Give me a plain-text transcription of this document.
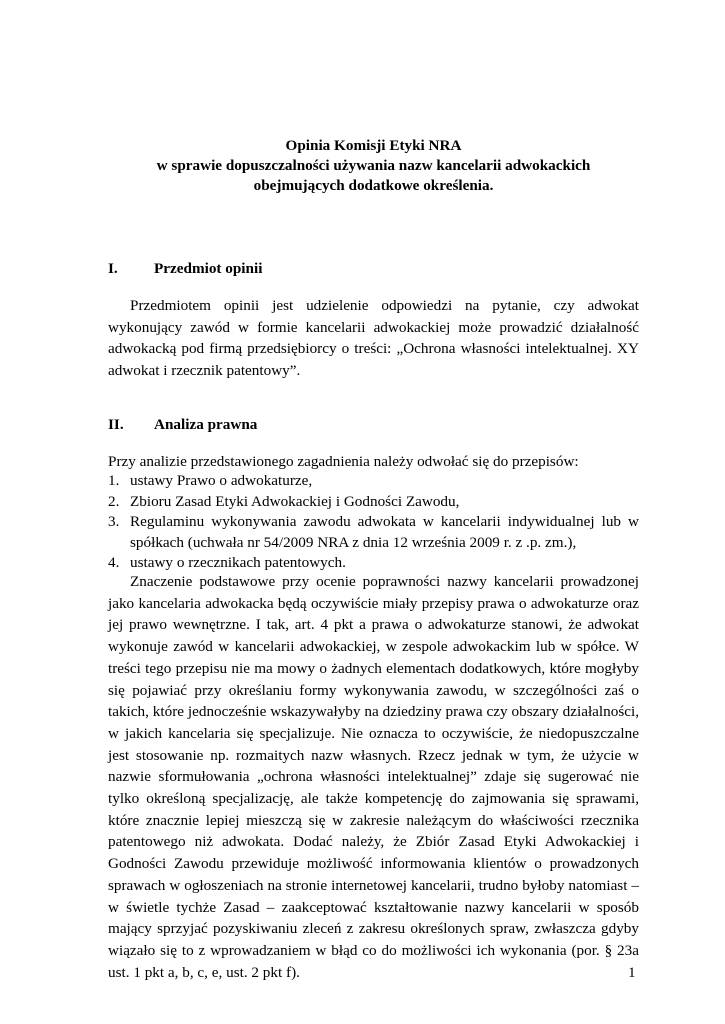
Opinia Komisji Etyki NRA
w sprawie dopuszczalności używania nazw kancelarii adwokackich
obejmujących dodatkowe określenia.
I. Przedmiot opinii

Przedmiotem opinii jest udzielenie odpowiedzi na pytanie, czy adwokat wykonujący zawód w formie kancelarii adwokackiej może prowadzić działalność adwokacką pod firmą przedsiębiorcy o treści: „Ochrona własności intelektualnej. XY adwokat i rzecznik patentowy”.

II. Analiza prawna

Przy analizie przedstawionego zagadnienia należy odwołać się do przepisów:

1. ustawy Prawo o adwokaturze,
2. Zbioru Zasad Etyki Adwokackiej i Godności Zawodu,
3. Regulaminu wykonywania zawodu adwokata w kancelarii indywidualnej lub w spółkach (uchwała nr 54/2009 NRA z dnia 12 września 2009 r. z .p. zm.),
4. ustawy o rzecznikach patentowych.

Znaczenie podstawowe przy ocenie poprawności nazwy kancelarii prowadzonej jako kancelaria adwokacka będą oczywiście miały przepisy prawa o adwokaturze oraz jej prawo wewnętrzne. I tak, art. 4 pkt a prawa o adwokaturze stanowi, że adwokat wykonuje zawód w kancelarii adwokackiej, w zespole adwokackim lub w spółce. W treści tego przepisu nie ma mowy o żadnych elementach dodatkowych, które mogłyby się pojawiać przy określaniu formy wykonywania zawodu, w szczególności zaś o takich, które jednocześnie wskazywałyby na dziedziny prawa czy obszary działalności, w jakich kancelaria się specjalizuje. Nie oznacza to oczywiście, że niedopuszczalne jest stosowanie np. rozmaitych nazw własnych. Rzecz jednak w tym, że użycie w nazwie sformułowania „ochrona własności intelektualnej” zdaje się sugerować nie tylko określoną specjalizację, ale także kompetencję do zajmowania się sprawami, które znacznie lepiej mieszczą się w zakresie należącym do właściwości rzecznika patentowego niż adwokata. Dodać należy, że Zbiór Zasad Etyki Adwokackiej i Godności Zawodu przewiduje możliwość informowania klientów o prowadzonych sprawach w ogłoszeniach na stronie internetowej kancelarii, trudno byłoby natomiast – w świetle tychże Zasad – zaakceptować kształtowanie nazwy kancelarii w sposób mający sprzyjać pozyskiwaniu zleceń z zakresu określonych spraw, zwłaszcza gdyby wiązało się to z wprowadzaniem w błąd co do możliwości ich wykonania (por. § 23a ust. 1 pkt a, b, c, e, ust. 2 pkt f).	1
